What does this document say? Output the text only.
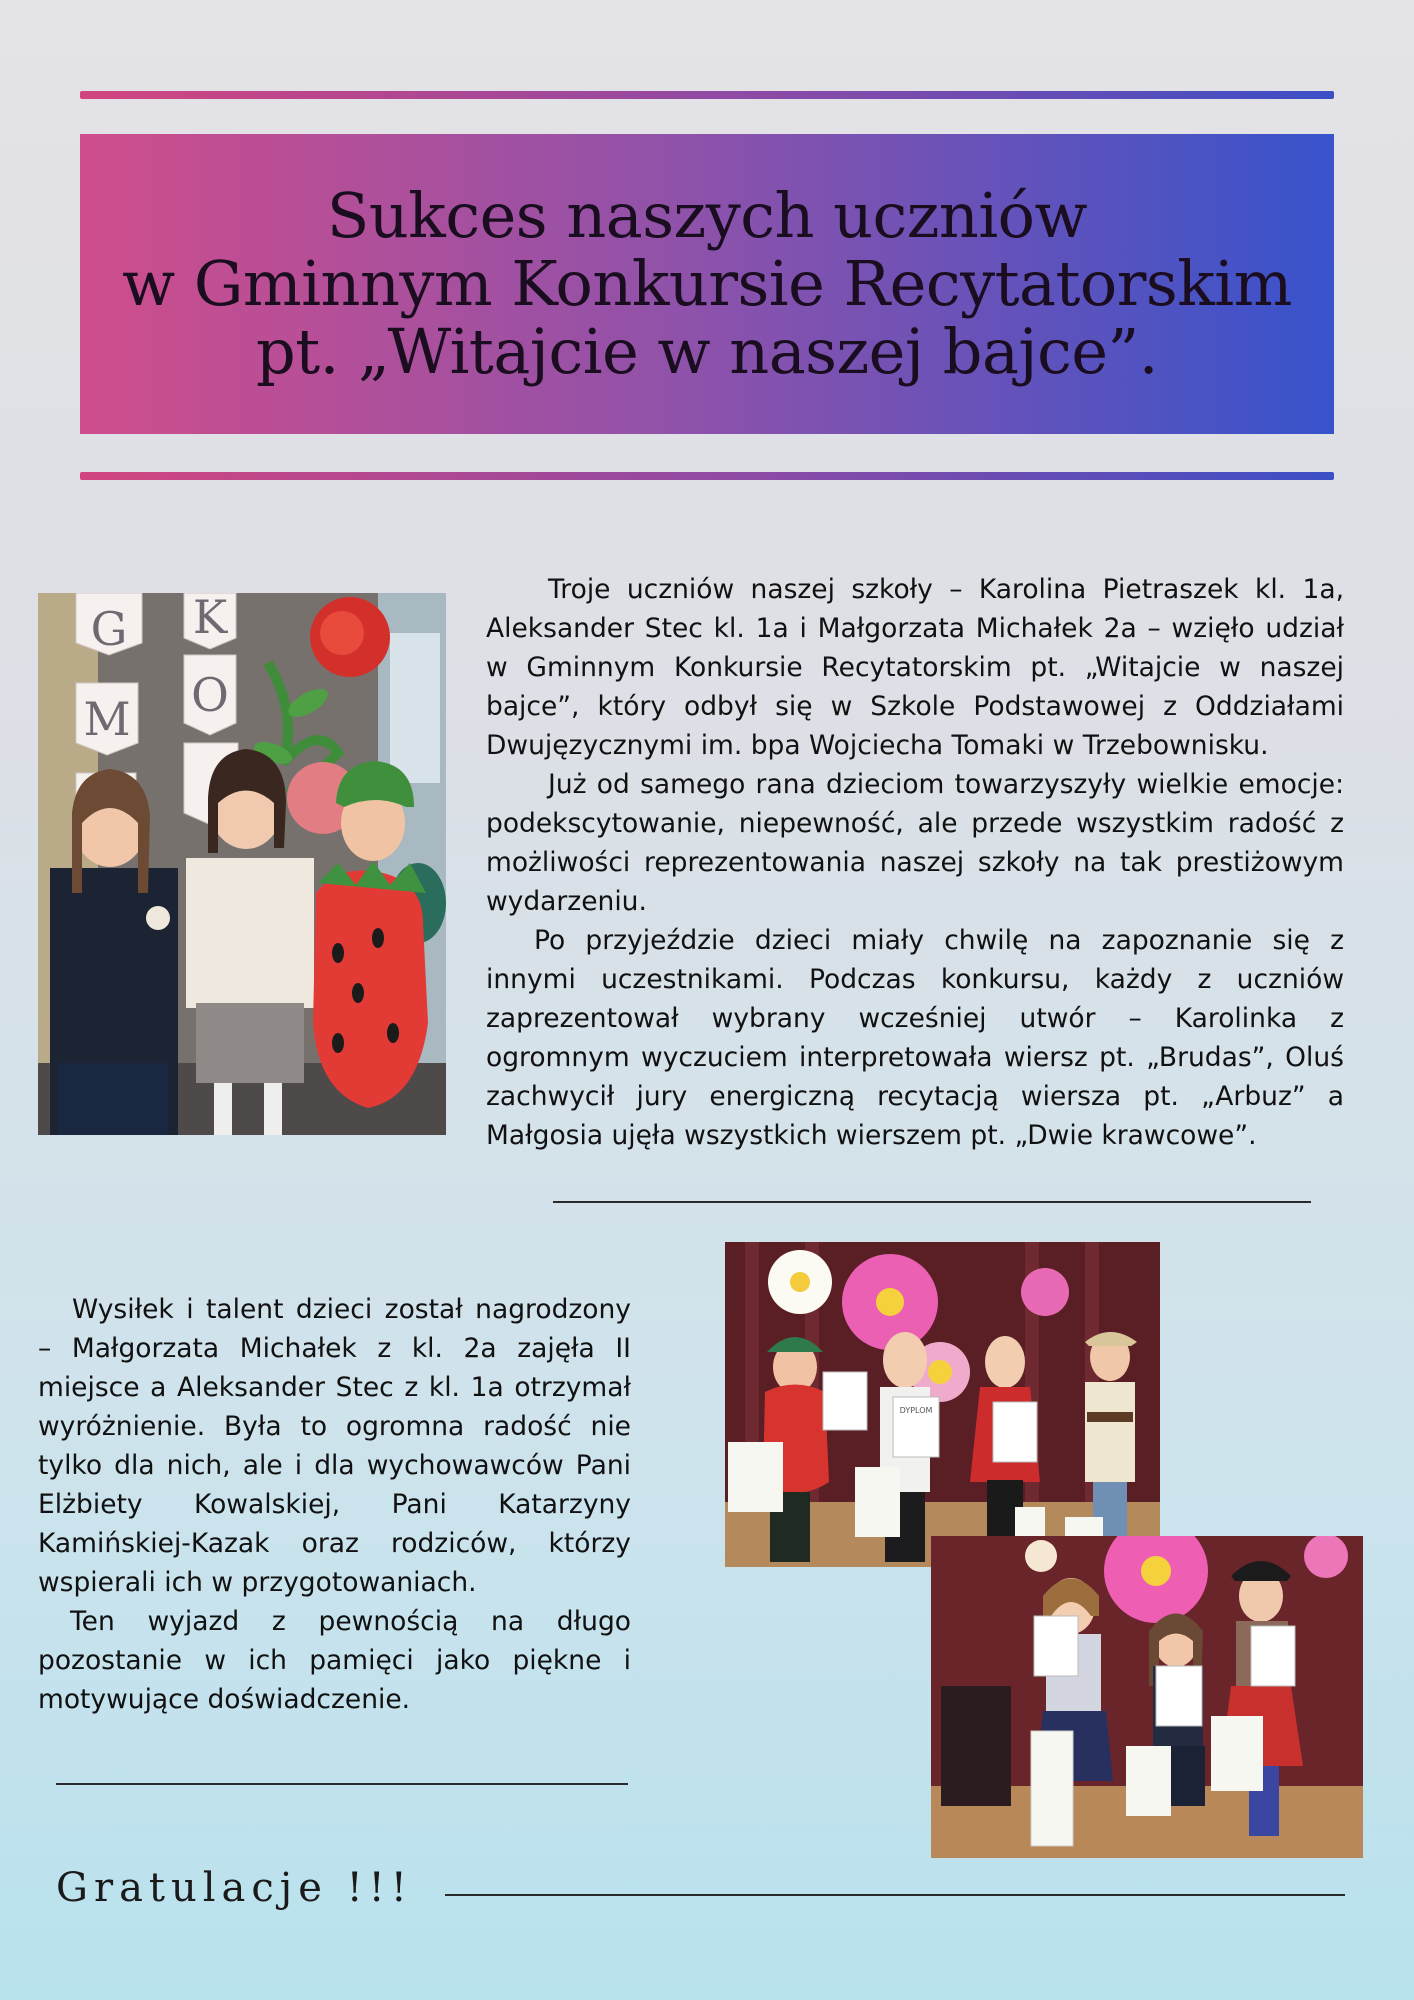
Sukces naszych uczniów
w Gminnym Konkursie Recytatorskim
pt. „Witajcie w naszej bajce”.
G K
O
M

Troje uczniów naszej szkoły – Karolina Pietraszek kl. 1a, Aleksander Stec kl. 1a i Małgorzata Michałek 2a – wzięło udział w Gminnym Konkursie Recytatorskim pt. „Witajcie w naszej bajce”, który odbył się w Szkole Podstawowej z Oddziałami Dwujęzycznymi im. bpa Wojciecha Tomaki w Trzebownisku.

Już od samego rana dzieciom towarzyszyły wielkie emocje: podekscytowanie, niepewność, ale przede wszystkim radość z możliwości reprezentowania naszej szkoły na tak prestiżowym wydarzeniu.

Po przyjeździe dzieci miały chwilę na zapoznanie się z innymi uczestnikami. Podczas konkursu, każdy z uczniów zaprezentował wybrany wcześniej utwór – Karolinka z ogromnym wyczuciem interpretowała wiersz pt. „Brudas”, Oluś zachwycił jury energiczną recytacją wiersza pt. „Arbuz” a Małgosia ujęła wszystkich wierszem pt. „Dwie krawcowe”.

DYPLOM

Wysiłek i talent dzieci został nagrodzony – Małgorzata Michałek z kl. 2a zajęła II miejsce a Aleksander Stec z kl. 1a otrzymał wyróżnienie. Była to ogromna radość nie tylko dla nich, ale i dla wychowawców Pani Elżbiety Kowalskiej, Pani Katarzyny Kamińskiej-Kazak oraz rodziców, którzy wspierali ich w przygotowaniach.

Ten wyjazd z pewnością na długo pozostanie w ich pamięci jako piękne i motywujące doświadczenie.

Gratulacje !!!
